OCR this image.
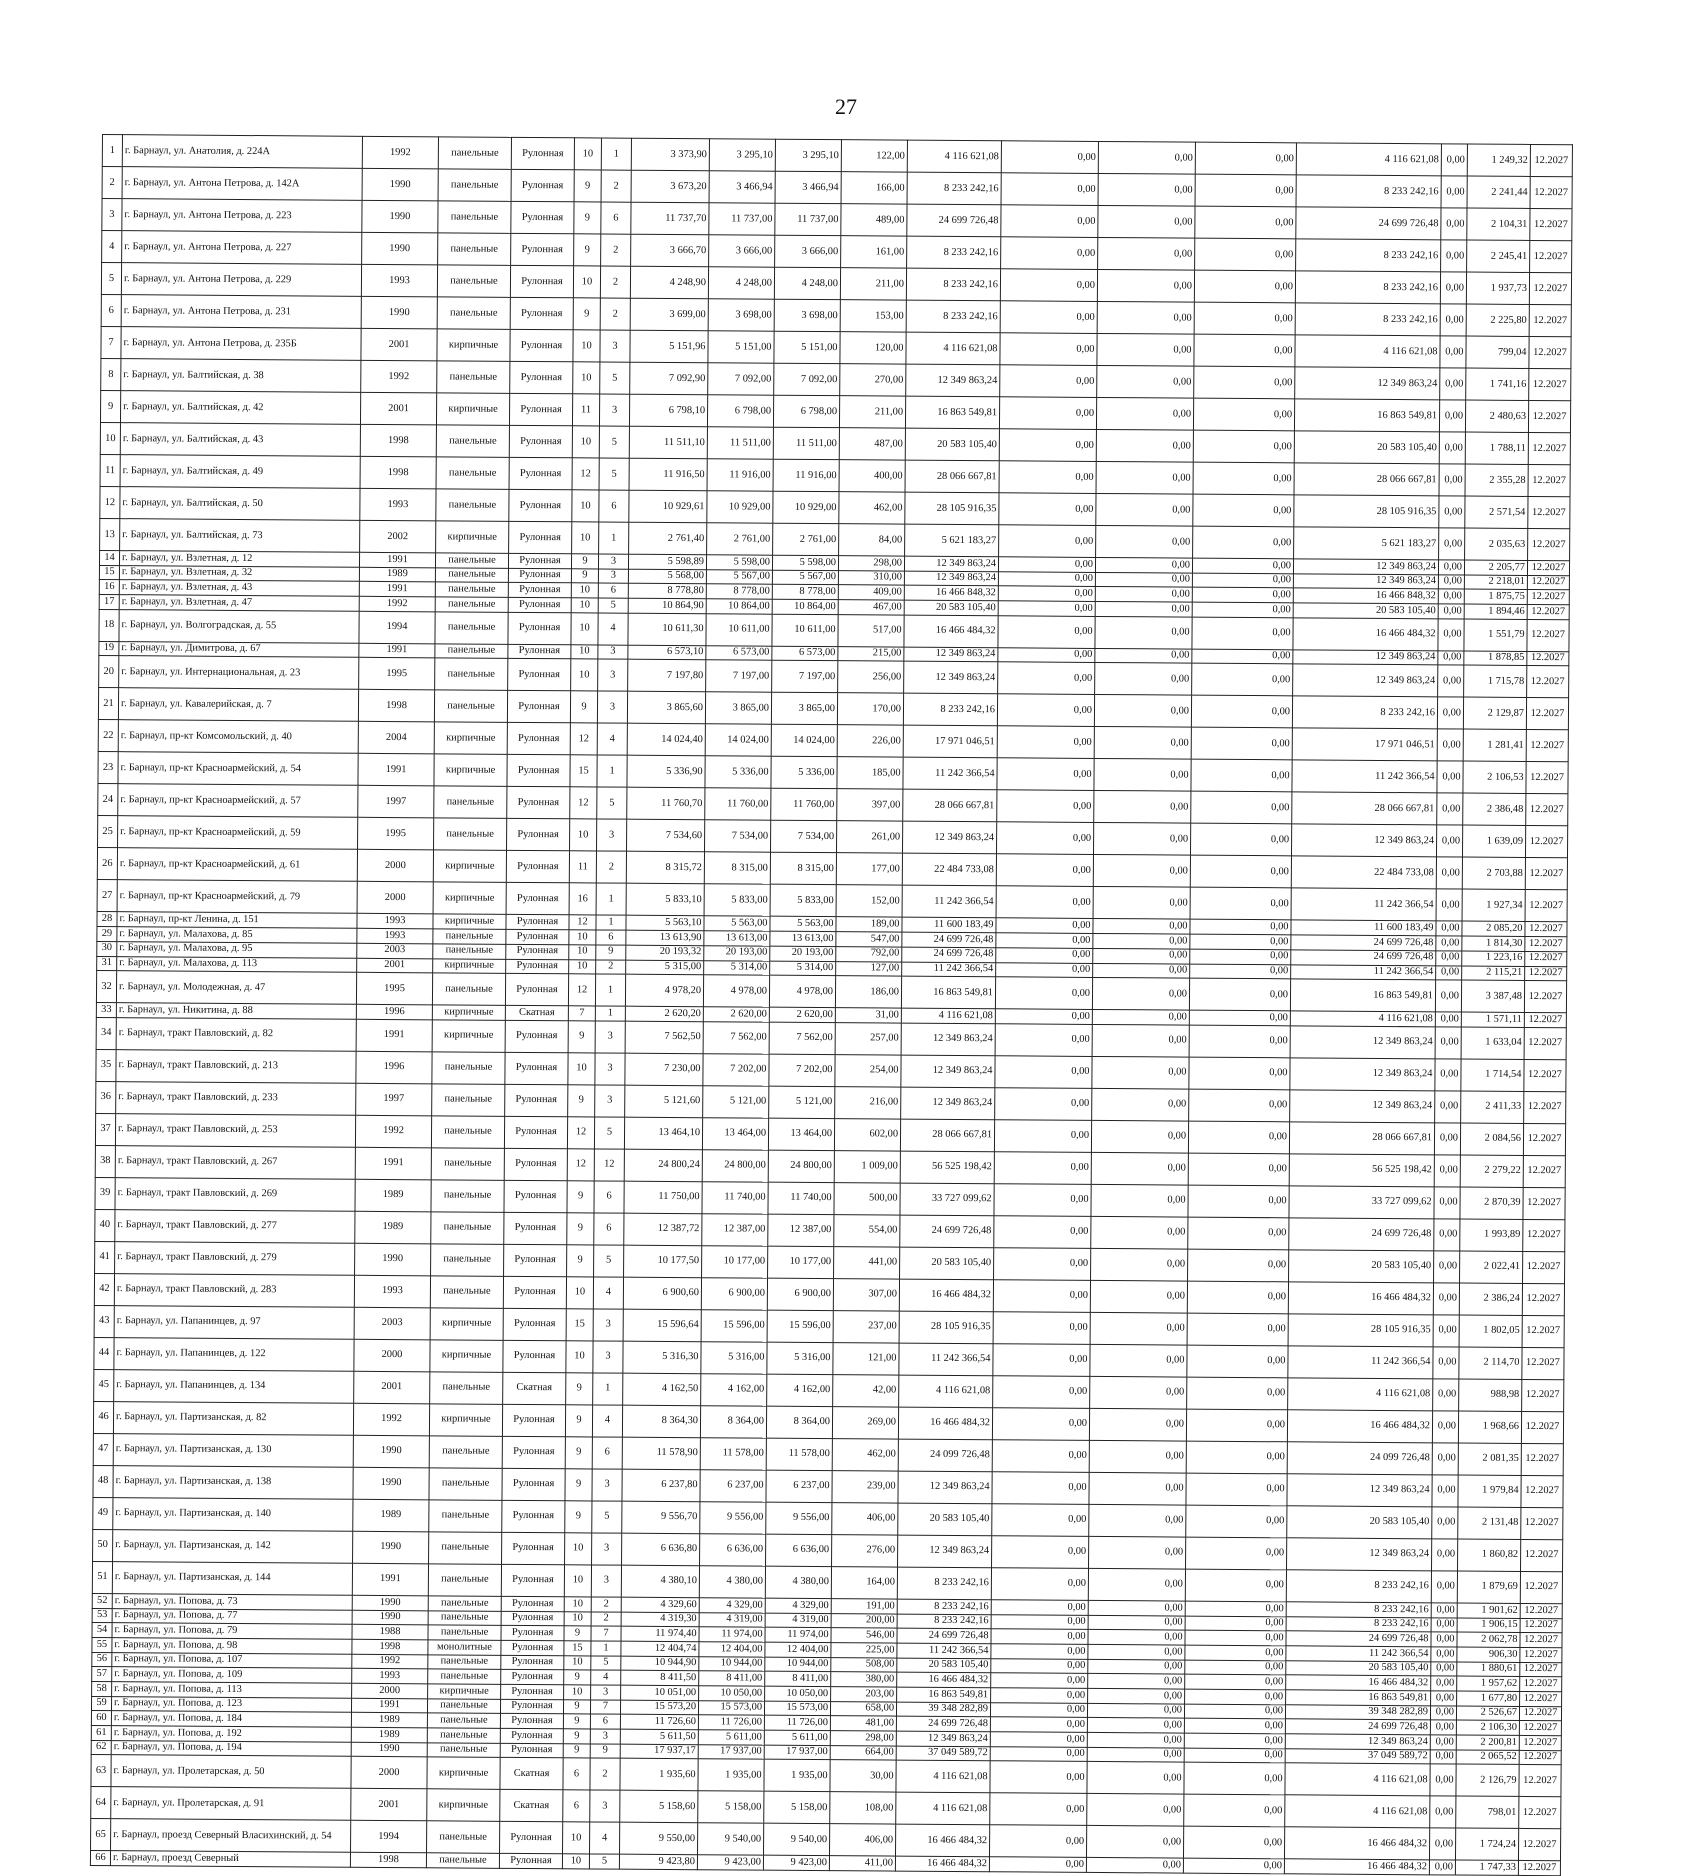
27
1	г. Барнаул, ул. Анатолия, д. 224А	1992	панельные	Рулонная	10	1	3 373,90	3 295,10	3 295,10	122,00	4 116 621,08	0,00	0,00	0,00	4 116 621,08	0,00	1 249,32	12.2027
2	г. Барнаул, ул. Антона Петрова, д. 142А	1990	панельные	Рулонная	9	2	3 673,20	3 466,94	3 466,94	166,00	8 233 242,16	0,00	0,00	0,00	8 233 242,16	0,00	2 241,44	12.2027
3	г. Барнаул, ул. Антона Петрова, д. 223	1990	панельные	Рулонная	9	6	11 737,70	11 737,00	11 737,00	489,00	24 699 726,48	0,00	0,00	0,00	24 699 726,48	0,00	2 104,31	12.2027
4	г. Барнаул, ул. Антона Петрова, д. 227	1990	панельные	Рулонная	9	2	3 666,70	3 666,00	3 666,00	161,00	8 233 242,16	0,00	0,00	0,00	8 233 242,16	0,00	2 245,41	12.2027
5	г. Барнаул, ул. Антона Петрова, д. 229	1993	панельные	Рулонная	10	2	4 248,90	4 248,00	4 248,00	211,00	8 233 242,16	0,00	0,00	0,00	8 233 242,16	0,00	1 937,73	12.2027
6	г. Барнаул, ул. Антона Петрова, д. 231	1990	панельные	Рулонная	9	2	3 699,00	3 698,00	3 698,00	153,00	8 233 242,16	0,00	0,00	0,00	8 233 242,16	0,00	2 225,80	12.2027
7	г. Барнаул, ул. Антона Петрова, д. 235Б	2001	кирпичные	Рулонная	10	3	5 151,96	5 151,00	5 151,00	120,00	4 116 621,08	0,00	0,00	0,00	4 116 621,08	0,00	799,04	12.2027
8	г. Барнаул, ул. Балтийская, д. 38	1992	панельные	Рулонная	10	5	7 092,90	7 092,00	7 092,00	270,00	12 349 863,24	0,00	0,00	0,00	12 349 863,24	0,00	1 741,16	12.2027
9	г. Барнаул, ул. Балтийская, д. 42	2001	кирпичные	Рулонная	11	3	6 798,10	6 798,00	6 798,00	211,00	16 863 549,81	0,00	0,00	0,00	16 863 549,81	0,00	2 480,63	12.2027
10	г. Барнаул, ул. Балтийская, д. 43	1998	панельные	Рулонная	10	5	11 511,10	11 511,00	11 511,00	487,00	20 583 105,40	0,00	0,00	0,00	20 583 105,40	0,00	1 788,11	12.2027
11	г. Барнаул, ул. Балтийская, д. 49	1998	панельные	Рулонная	12	5	11 916,50	11 916,00	11 916,00	400,00	28 066 667,81	0,00	0,00	0,00	28 066 667,81	0,00	2 355,28	12.2027
12	г. Барнаул, ул. Балтийская, д. 50	1993	панельные	Рулонная	10	6	10 929,61	10 929,00	10 929,00	462,00	28 105 916,35	0,00	0,00	0,00	28 105 916,35	0,00	2 571,54	12.2027
13	г. Барнаул, ул. Балтийская, д. 73	2002	кирпичные	Рулонная	10	1	2 761,40	2 761,00	2 761,00	84,00	5 621 183,27	0,00	0,00	0,00	5 621 183,27	0,00	2 035,63	12.2027
14	г. Барнаул, ул. Взлетная, д. 12	1991	панельные	Рулонная	9	3	5 598,89	5 598,00	5 598,00	298,00	12 349 863,24	0,00	0,00	0,00	12 349 863,24	0,00	2 205,77	12.2027
15	г. Барнаул, ул. Взлетная, д. 32	1989	панельные	Рулонная	9	3	5 568,00	5 567,00	5 567,00	310,00	12 349 863,24	0,00	0,00	0,00	12 349 863,24	0,00	2 218,01	12.2027
16	г. Барнаул, ул. Взлетная, д. 43	1991	панельные	Рулонная	10	6	8 778,80	8 778,00	8 778,00	409,00	16 466 848,32	0,00	0,00	0,00	16 466 848,32	0,00	1 875,75	12.2027
17	г. Барнаул, ул. Взлетная, д. 47	1992	панельные	Рулонная	10	5	10 864,90	10 864,00	10 864,00	467,00	20 583 105,40	0,00	0,00	0,00	20 583 105,40	0,00	1 894,46	12.2027
18	г. Барнаул, ул. Волгоградская, д. 55	1994	панельные	Рулонная	10	4	10 611,30	10 611,00	10 611,00	517,00	16 466 484,32	0,00	0,00	0,00	16 466 484,32	0,00	1 551,79	12.2027
19	г. Барнаул, ул. Димитрова, д. 67	1991	панельные	Рулонная	10	3	6 573,10	6 573,00	6 573,00	215,00	12 349 863,24	0,00	0,00	0,00	12 349 863,24	0,00	1 878,85	12.2027
20	г. Барнаул, ул. Интернациональная, д. 23	1995	панельные	Рулонная	10	3	7 197,80	7 197,00	7 197,00	256,00	12 349 863,24	0,00	0,00	0,00	12 349 863,24	0,00	1 715,78	12.2027
21	г. Барнаул, ул. Кавалерийская, д. 7	1998	панельные	Рулонная	9	3	3 865,60	3 865,00	3 865,00	170,00	8 233 242,16	0,00	0,00	0,00	8 233 242,16	0,00	2 129,87	12.2027
22	г. Барнаул, пр-кт Комсомольский, д. 40	2004	кирпичные	Рулонная	12	4	14 024,40	14 024,00	14 024,00	226,00	17 971 046,51	0,00	0,00	0,00	17 971 046,51	0,00	1 281,41	12.2027
23	г. Барнаул, пр-кт Красноармейский, д. 54	1991	кирпичные	Рулонная	15	1	5 336,90	5 336,00	5 336,00	185,00	11 242 366,54	0,00	0,00	0,00	11 242 366,54	0,00	2 106,53	12.2027
24	г. Барнаул, пр-кт Красноармейский, д. 57	1997	панельные	Рулонная	12	5	11 760,70	11 760,00	11 760,00	397,00	28 066 667,81	0,00	0,00	0,00	28 066 667,81	0,00	2 386,48	12.2027
25	г. Барнаул, пр-кт Красноармейский, д. 59	1995	панельные	Рулонная	10	3	7 534,60	7 534,00	7 534,00	261,00	12 349 863,24	0,00	0,00	0,00	12 349 863,24	0,00	1 639,09	12.2027
26	г. Барнаул, пр-кт Красноармейский, д. 61	2000	кирпичные	Рулонная	11	2	8 315,72	8 315,00	8 315,00	177,00	22 484 733,08	0,00	0,00	0,00	22 484 733,08	0,00	2 703,88	12.2027
27	г. Барнаул, пр-кт Красноармейский, д. 79	2000	кирпичные	Рулонная	16	1	5 833,10	5 833,00	5 833,00	152,00	11 242 366,54	0,00	0,00	0,00	11 242 366,54	0,00	1 927,34	12.2027
28	г. Барнаул, пр-кт Ленина, д. 151	1993	кирпичные	Рулонная	12	1	5 563,10	5 563,00	5 563,00	189,00	11 600 183,49	0,00	0,00	0,00	11 600 183,49	0,00	2 085,20	12.2027
29	г. Барнаул, ул. Малахова, д. 85	1993	панельные	Рулонная	10	6	13 613,90	13 613,00	13 613,00	547,00	24 699 726,48	0,00	0,00	0,00	24 699 726,48	0,00	1 814,30	12.2027
30	г. Барнаул, ул. Малахова, д. 95	2003	панельные	Рулонная	10	9	20 193,32	20 193,00	20 193,00	792,00	24 699 726,48	0,00	0,00	0,00	24 699 726,48	0,00	1 223,16	12.2027
31	г. Барнаул, ул. Малахова, д. 113	2001	кирпичные	Рулонная	10	2	5 315,00	5 314,00	5 314,00	127,00	11 242 366,54	0,00	0,00	0,00	11 242 366,54	0,00	2 115,21	12.2027
32	г. Барнаул, ул. Молодежная, д. 47	1995	панельные	Рулонная	12	1	4 978,20	4 978,00	4 978,00	186,00	16 863 549,81	0,00	0,00	0,00	16 863 549,81	0,00	3 387,48	12.2027
33	г. Барнаул, ул. Никитина, д. 88	1996	кирпичные	Скатная	7	1	2 620,20	2 620,00	2 620,00	31,00	4 116 621,08	0,00	0,00	0,00	4 116 621,08	0,00	1 571,11	12.2027
34	г. Барнаул, тракт Павловский, д. 82	1991	кирпичные	Рулонная	9	3	7 562,50	7 562,00	7 562,00	257,00	12 349 863,24	0,00	0,00	0,00	12 349 863,24	0,00	1 633,04	12.2027
35	г. Барнаул, тракт Павловский, д. 213	1996	панельные	Рулонная	10	3	7 230,00	7 202,00	7 202,00	254,00	12 349 863,24	0,00	0,00	0,00	12 349 863,24	0,00	1 714,54	12.2027
36	г. Барнаул, тракт Павловский, д. 233	1997	панельные	Рулонная	9	3	5 121,60	5 121,00	5 121,00	216,00	12 349 863,24	0,00	0,00	0,00	12 349 863,24	0,00	2 411,33	12.2027
37	г. Барнаул, тракт Павловский, д. 253	1992	панельные	Рулонная	12	5	13 464,10	13 464,00	13 464,00	602,00	28 066 667,81	0,00	0,00	0,00	28 066 667,81	0,00	2 084,56	12.2027
38	г. Барнаул, тракт Павловский, д. 267	1991	панельные	Рулонная	12	12	24 800,24	24 800,00	24 800,00	1 009,00	56 525 198,42	0,00	0,00	0,00	56 525 198,42	0,00	2 279,22	12.2027
39	г. Барнаул, тракт Павловский, д. 269	1989	панельные	Рулонная	9	6	11 750,00	11 740,00	11 740,00	500,00	33 727 099,62	0,00	0,00	0,00	33 727 099,62	0,00	2 870,39	12.2027
40	г. Барнаул, тракт Павловский, д. 277	1989	панельные	Рулонная	9	6	12 387,72	12 387,00	12 387,00	554,00	24 699 726,48	0,00	0,00	0,00	24 699 726,48	0,00	1 993,89	12.2027
41	г. Барнаул, тракт Павловский, д. 279	1990	панельные	Рулонная	9	5	10 177,50	10 177,00	10 177,00	441,00	20 583 105,40	0,00	0,00	0,00	20 583 105,40	0,00	2 022,41	12.2027
42	г. Барнаул, тракт Павловский, д. 283	1993	панельные	Рулонная	10	4	6 900,60	6 900,00	6 900,00	307,00	16 466 484,32	0,00	0,00	0,00	16 466 484,32	0,00	2 386,24	12.2027
43	г. Барнаул, ул. Папанинцев, д. 97	2003	кирпичные	Рулонная	15	3	15 596,64	15 596,00	15 596,00	237,00	28 105 916,35	0,00	0,00	0,00	28 105 916,35	0,00	1 802,05	12.2027
44	г. Барнаул, ул. Папанинцев, д. 122	2000	кирпичные	Рулонная	10	3	5 316,30	5 316,00	5 316,00	121,00	11 242 366,54	0,00	0,00	0,00	11 242 366,54	0,00	2 114,70	12.2027
45	г. Барнаул, ул. Папанинцев, д. 134	2001	панельные	Скатная	9	1	4 162,50	4 162,00	4 162,00	42,00	4 116 621,08	0,00	0,00	0,00	4 116 621,08	0,00	988,98	12.2027
46	г. Барнаул, ул. Партизанская, д. 82	1992	кирпичные	Рулонная	9	4	8 364,30	8 364,00	8 364,00	269,00	16 466 484,32	0,00	0,00	0,00	16 466 484,32	0,00	1 968,66	12.2027
47	г. Барнаул, ул. Партизанская, д. 130	1990	панельные	Рулонная	9	6	11 578,90	11 578,00	11 578,00	462,00	24 099 726,48	0,00	0,00	0,00	24 099 726,48	0,00	2 081,35	12.2027
48	г. Барнаул, ул. Партизанская, д. 138	1990	панельные	Рулонная	9	3	6 237,80	6 237,00	6 237,00	239,00	12 349 863,24	0,00	0,00	0,00	12 349 863,24	0,00	1 979,84	12.2027
49	г. Барнаул, ул. Партизанская, д. 140	1989	панельные	Рулонная	9	5	9 556,70	9 556,00	9 556,00	406,00	20 583 105,40	0,00	0,00	0,00	20 583 105,40	0,00	2 131,48	12.2027
50	г. Барнаул, ул. Партизанская, д. 142	1990	панельные	Рулонная	10	3	6 636,80	6 636,00	6 636,00	276,00	12 349 863,24	0,00	0,00	0,00	12 349 863,24	0,00	1 860,82	12.2027
51	г. Барнаул, ул. Партизанская, д. 144	1991	панельные	Рулонная	10	3	4 380,10	4 380,00	4 380,00	164,00	8 233 242,16	0,00	0,00	0,00	8 233 242,16	0,00	1 879,69	12.2027
52	г. Барнаул, ул. Попова, д. 73	1990	панельные	Рулонная	10	2	4 329,60	4 329,00	4 329,00	191,00	8 233 242,16	0,00	0,00	0,00	8 233 242,16	0,00	1 901,62	12.2027
53	г. Барнаул, ул. Попова, д. 77	1990	панельные	Рулонная	10	2	4 319,30	4 319,00	4 319,00	200,00	8 233 242,16	0,00	0,00	0,00	8 233 242,16	0,00	1 906,15	12.2027
54	г. Барнаул, ул. Попова, д. 79	1988	панельные	Рулонная	9	7	11 974,40	11 974,00	11 974,00	546,00	24 699 726,48	0,00	0,00	0,00	24 699 726,48	0,00	2 062,78	12.2027
55	г. Барнаул, ул. Попова, д. 98	1998	монолитные	Рулонная	15	1	12 404,74	12 404,00	12 404,00	225,00	11 242 366,54	0,00	0,00	0,00	11 242 366,54	0,00	906,30	12.2027
56	г. Барнаул, ул. Попова, д. 107	1992	панельные	Рулонная	10	5	10 944,90	10 944,00	10 944,00	508,00	20 583 105,40	0,00	0,00	0,00	20 583 105,40	0,00	1 880,61	12.2027
57	г. Барнаул, ул. Попова, д. 109	1993	панельные	Рулонная	9	4	8 411,50	8 411,00	8 411,00	380,00	16 466 484,32	0,00	0,00	0,00	16 466 484,32	0,00	1 957,62	12.2027
58	г. Барнаул, ул. Попова, д. 113	2000	кирпичные	Рулонная	10	3	10 051,00	10 050,00	10 050,00	203,00	16 863 549,81	0,00	0,00	0,00	16 863 549,81	0,00	1 677,80	12.2027
59	г. Барнаул, ул. Попова, д. 123	1991	панельные	Рулонная	9	7	15 573,20	15 573,00	15 573,00	658,00	39 348 282,89	0,00	0,00	0,00	39 348 282,89	0,00	2 526,67	12.2027
60	г. Барнаул, ул. Попова, д. 184	1989	панельные	Рулонная	9	6	11 726,60	11 726,00	11 726,00	481,00	24 699 726,48	0,00	0,00	0,00	24 699 726,48	0,00	2 106,30	12.2027
61	г. Барнаул, ул. Попова, д. 192	1989	панельные	Рулонная	9	3	5 611,50	5 611,00	5 611,00	298,00	12 349 863,24	0,00	0,00	0,00	12 349 863,24	0,00	2 200,81	12.2027
62	г. Барнаул, ул. Попова, д. 194	1990	панельные	Рулонная	9	9	17 937,17	17 937,00	17 937,00	664,00	37 049 589,72	0,00	0,00	0,00	37 049 589,72	0,00	2 065,52	12.2027
63	г. Барнаул, ул. Пролетарская, д. 50	2000	кирпичные	Скатная	6	2	1 935,60	1 935,00	1 935,00	30,00	4 116 621,08	0,00	0,00	0,00	4 116 621,08	0,00	2 126,79	12.2027
64	г. Барнаул, ул. Пролетарская, д. 91	2001	кирпичные	Скатная	6	3	5 158,60	5 158,00	5 158,00	108,00	4 116 621,08	0,00	0,00	0,00	4 116 621,08	0,00	798,01	12.2027
65	г. Барнаул, проезд Северный Власихинский, д. 54	1994	панельные	Рулонная	10	4	9 550,00	9 540,00	9 540,00	406,00	16 466 484,32	0,00	0,00	0,00	16 466 484,32	0,00	1 724,24	12.2027
66	г. Барнаул, проезд Северный	1998	панельные	Рулонная	10	5	9 423,80	9 423,00	9 423,00	411,00	16 466 484,32	0,00	0,00	0,00	16 466 484,32	0,00	1 747,33	12.2027
